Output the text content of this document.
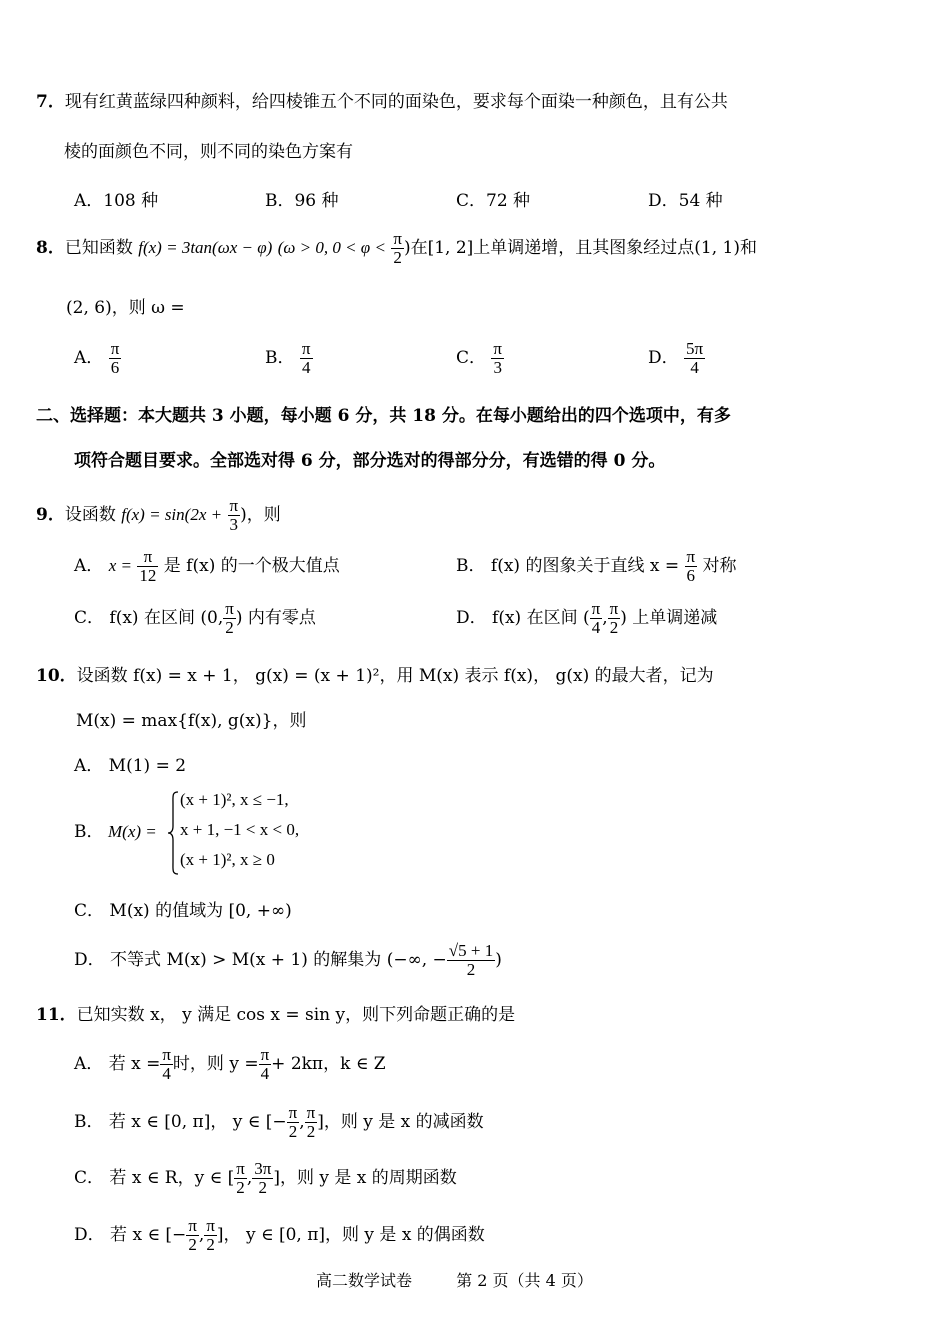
7．现有红黄蓝绿四种颜料，给四棱锥五个不同的面染色，要求每个面染一种颜色，且有公共
棱的面颜色不同，则不同的染色方案有
A．108 种	B．96 种	C．72 种	D．54 种
8．已知函数 f(x) = 3tan(ωx − φ) (ω > 0, $0 < \varphi < \frac{\pi}{2}$ )在[1, 2]上单调递增，且其图象经过点(1, 1)和
(2, 6)，则 ω =
A． $\frac{\pi}{6}$	B． $\frac{\pi}{4}$	C． $\frac{\pi}{3}$	D． $\frac{5\pi}{4}$
二、选择题：本大题共 3 小题，每小题 6 分，共 18 分。在每小题给出的四个选项中，有多
项符合题目要求。全部选对得 6 分，部分选对的得部分分，有选错的得 0 分。
9．设函数 $f(x) = \sin(2x + \frac{\pi}{3}$ )，则
A． $x = \frac{\pi}{12}$ 是 f(x) 的一个极大值点	B． f(x) 的图象关于直线 $x = \frac{\pi}{6}$ 对称
C． f(x) 在区间 (0, $\frac{\pi}{2}$ ) 内有零点	D． f(x) 在区间 ( $\frac{\pi}{4}$ , $\frac{\pi}{2}$ ) 上单调递减
10．设函数 f(x) = x + 1， g(x) = (x + 1)²，用 M(x) 表示 f(x)， g(x) 的最大者，记为
M(x) = max{f(x), g(x)}，则
A． M(1) = 2
B． M(x) =
(x + 1)², x ≤ −1,
x + 1, −1 < x < 0,
(x + 1)², x ≥ 0
C． M(x) 的值域为 [0, +∞)
D． 不等式 M(x) > M(x + 1) 的解集为 (−∞, − $\frac{√5 + 1}{2}$ )
11．已知实数 x， y 满足 cos x = sin y，则下列命题正确的是
A． 若 $x = \frac{\pi}{4}$ 时，则 $y = \frac{\pi}{4} + 2k\pi$，k ∈ Z
B． 若 x ∈ [0, π]， y ∈ [− $\frac{\pi}{2}$ , $\frac{\pi}{2}$ ]，则 y 是 x 的减函数
C． 若 x ∈ R，y ∈ [ $\frac{\pi}{2}$ , $\frac{3\pi}{2}$ ]，则 y 是 x 的周期函数
D． 若 x ∈ [− $\frac{\pi}{2}$ , $\frac{\pi}{2}$ ]， y ∈ [0, π]，则 y 是 x 的偶函数
高二数学试卷	第 2 页（共 4 页）
